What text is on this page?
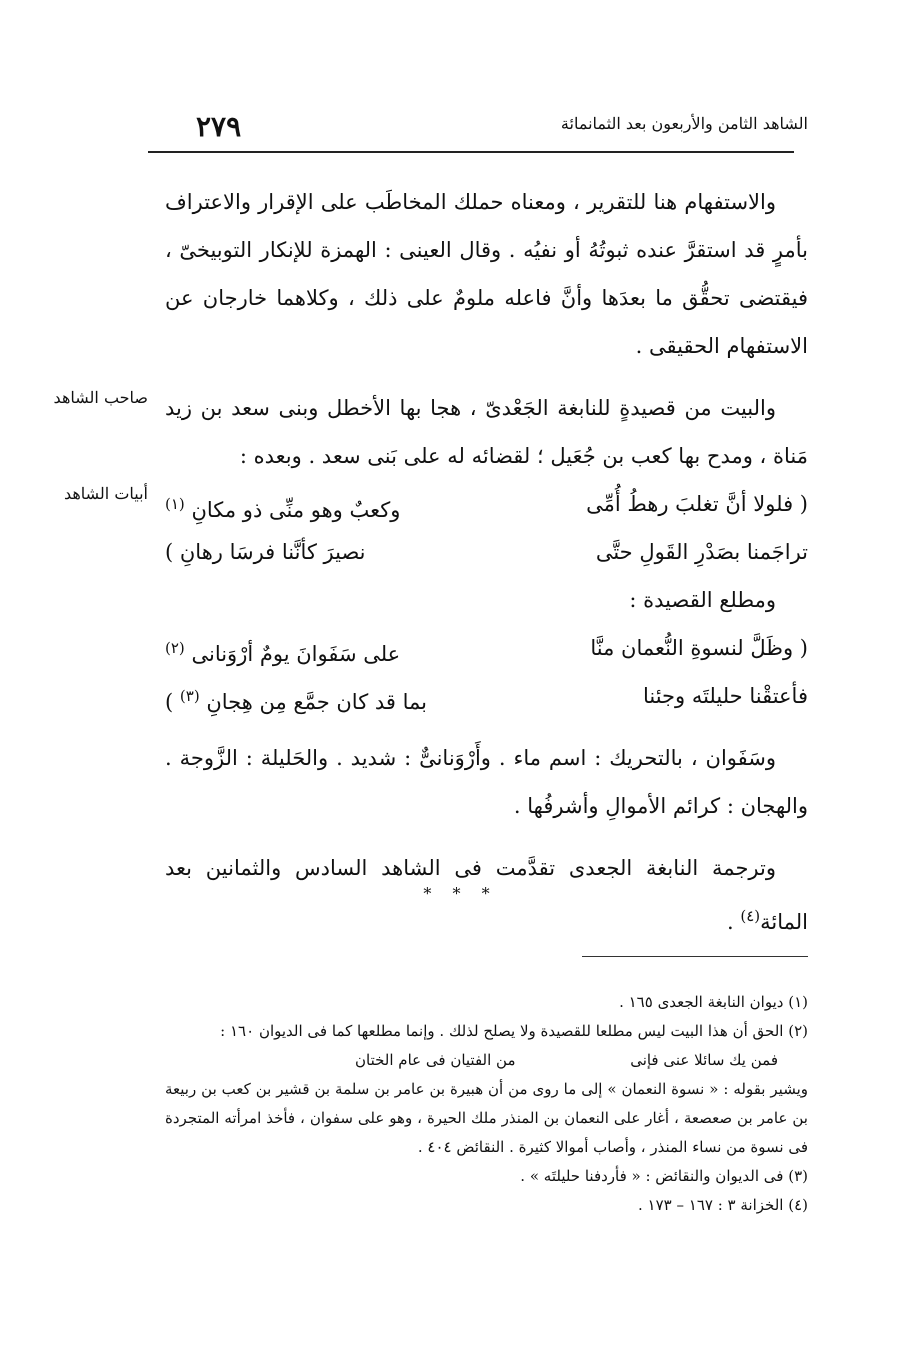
الشاهد الثامن والأربعون بعد الثمانمائة
٢٧٩
صاحب الشاهد
أبيات الشاهد

والاستفهام هنا للتقرير ، ومعناه حملك المخاطَب على الإقرار والاعتراف بأمرٍ قد استقرَّ عنده ثبوتُهُ أو نفيُه . وقال العينى : الهمزة للإنكار التوبيخىّ ، فيقتضى تحقُّق ما بعدَها وأنَّ فاعله ملومٌ على ذلك ، وكلاهما خارجان عن الاستفهام الحقيقى .

والبيت من قصيدةٍ للنابغة الجَعْدىّ ، هجا بها الأخطل وبنى سعد بن زيد مَناة ، ومدح بها كعب بن جُعَيل ؛ لقضائه له على بَنى سعد . وبعده :

( فلولا أنَّ تغلبَ رهطُ أُمِّى
وكعبٌ وهو منِّى ذو مكانِ $^{(١)}$
تراجَمنا بصَدْرِ القَولِ حتَّى
نصيرَ كأنَّنا فرسَا رهانِ )

ومطلع القصيدة :

( وظَلَّ لنسوةِ النُّعمان منَّا
على سَفَوانَ يومٌ أرْوَنانى $^{(٢)}$
فأعتقْنا حليلتَه وجئنا
بما قد كان جمَّع مِن هِجانِ $^{(٣)}$ )

وسَفَوان ، بالتحريك : اسم ماء . وأَرْوَنانىٌّ : شديد . والحَليلة : الزَّوجة . والهجان : كرائم الأموالِ وأشرفُها .

وترجمة النابغة الجعدى تقدَّمت فى الشاهد السادس والثمانين بعد المائة$^{(٤)}$ .

* * *

(١) ديوان النابغة الجعدى ١٦٥ .

(٢) الحق أن هذا البيت ليس مطلعا للقصيدة ولا يصلح لذلك . وإنما مطلعها كما فى الديوان ١٦٠ :

فمن يك سائلا عنى فإنى
من الفتيان فى عام الختان

ويشير بقوله : « نسوة النعمان » إلى ما روى من أن هبيرة بن عامر بن سلمة بن قشير بن كعب بن ربيعة بن عامر بن صعصعة ، أغار على النعمان بن المنذر ملك الحيرة ، وهو على سفوان ، فأخذ امرأته المتجردة فى نسوة من نساء المنذر ، وأصاب أموالا كثيرة . النقائض ٤٠٤ .

(٣) فى الديوان والنقائض : « فأردفنا حليلتَه » .

(٤) الخزانة ٣ : ١٦٧ – ١٧٣ .
